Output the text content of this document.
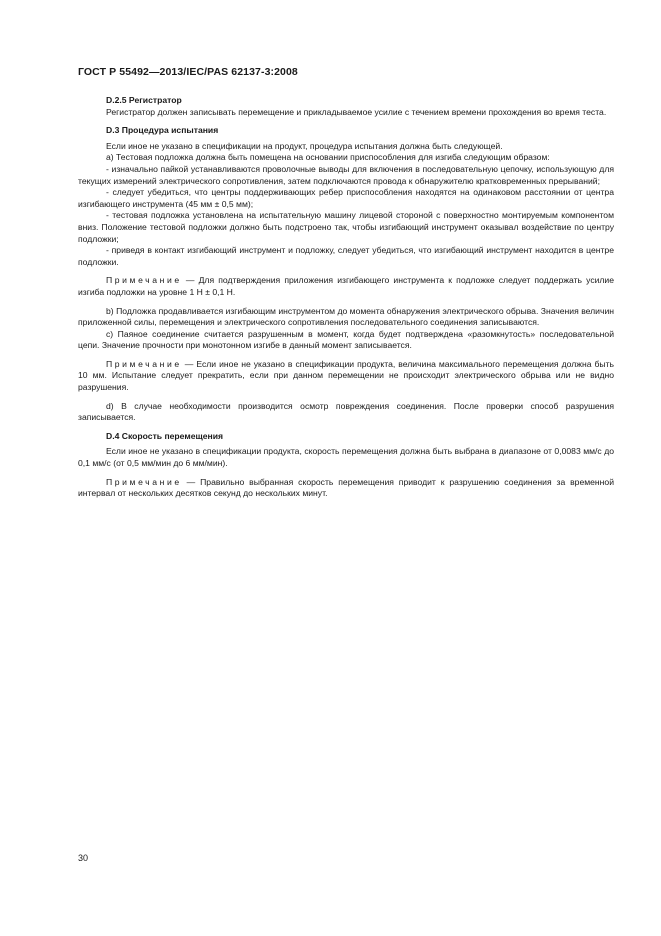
ГОСТ Р 55492—2013/IEC/PAS 62137-3:2008

D.2.5 Регистратор

Регистратор должен записывать перемещение и прикладываемое усилие с течением времени прохождения во время теста.

D.3 Процедура испытания

Если иное не указано в спецификации на продукт, процедура испытания должна быть следующей.

a) Тестовая подложка должна быть помещена на основании приспособления для изгиба следующим образом:

- изначально пайкой устанавливаются проволочные выводы для включения в последовательную цепочку, использующую для текущих измерений электрического сопротивления, затем подключаются провода к обнаружителю кратковременных прерываний;

- следует убедиться, что центры поддерживающих ребер приспособления находятся на одинаковом расстоянии от центра изгибающего инструмента (45 мм ± 0,5 мм);

- тестовая подложка установлена на испытательную машину лицевой стороной с поверхностно монтируемым компонентом вниз. Положение тестовой подложки должно быть подстроено так, чтобы изгибающий инструмент оказывал воздействие по центру подложки;

- приведя в контакт изгибающий инструмент и подложку, следует убедиться, что изгибающий инструмент находится в центре подложки.

Примечание — Для подтверждения приложения изгибающего инструмента к подложке следует поддержать усилие изгиба подложки на уровне 1 Н ± 0,1 Н.

b) Подложка продавливается изгибающим инструментом до момента обнаружения электрического обрыва. Значения величин приложенной силы, перемещения и электрического сопротивления последовательного соединения записываются.

c) Паяное соединение считается разрушенным в момент, когда будет подтверждена «разомкнутость» последовательной цепи. Значение прочности при монотонном изгибе в данный момент записывается.

Примечание — Если иное не указано в спецификации продукта, величина максимального перемещения должна быть 10 мм. Испытание следует прекратить, если при данном перемещении не происходит электрического обрыва или не видно разрушения.

d) В случае необходимости производится осмотр повреждения соединения. После проверки способ разрушения записывается.

D.4 Скорость перемещения

Если иное не указано в спецификации продукта, скорость перемещения должна быть выбрана в диапазоне от 0,0083 мм/с до 0,1 мм/с (от 0,5 мм/мин до 6 мм/мин).

Примечание — Правильно выбранная скорость перемещения приводит к разрушению соединения за временной интервал от нескольких десятков секунд до нескольких минут.

30
